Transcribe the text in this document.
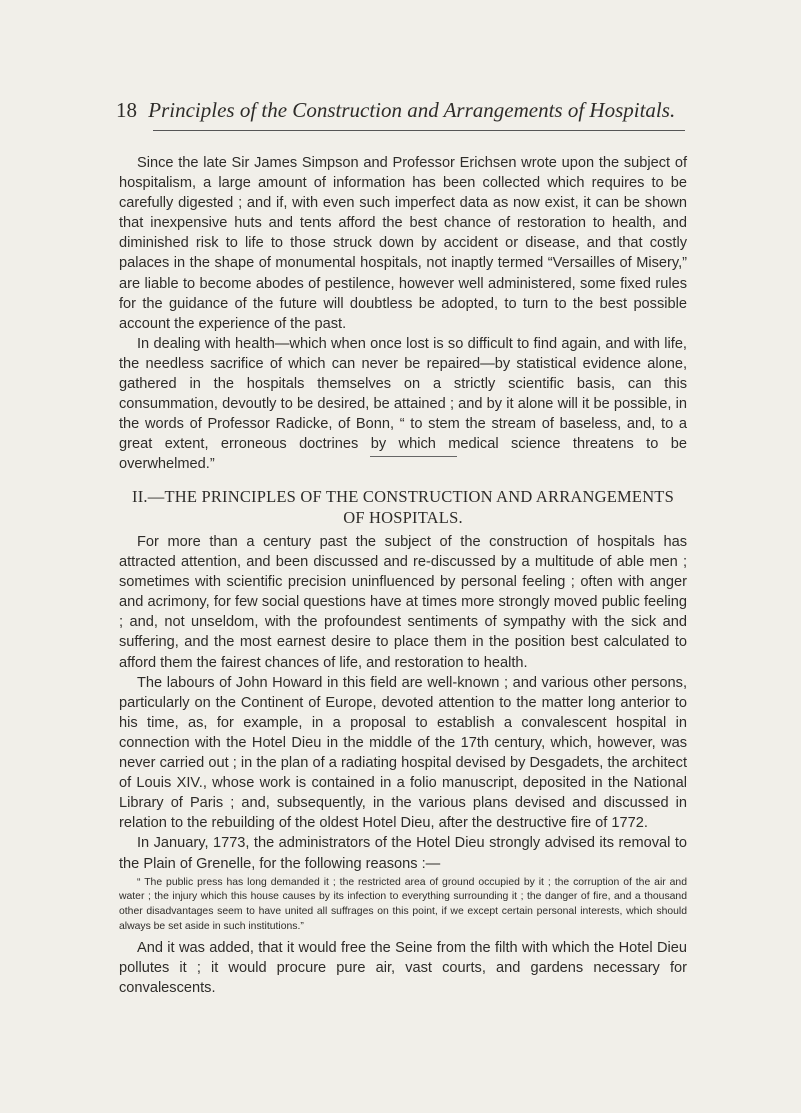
18 Principles of the Construction and Arrangements of Hospitals.

Since the late Sir James Simpson and Professor Erichsen wrote upon the subject of hospitalism, a large amount of information has been collected which requires to be carefully digested ; and if, with even such imperfect data as now exist, it can be shown that inexpensive huts and tents afford the best chance of restoration to health, and diminished risk to life to those struck down by accident or disease, and that costly palaces in the shape of monumental hospitals, not inaptly termed “Versailles of Misery,” are liable to become abodes of pestilence, however well administered, some fixed rules for the guidance of the future will doubtless be adopted, to turn to the best possible account the experience of the past.

In dealing with health—which when once lost is so difficult to find again, and with life, the needless sacrifice of which can never be repaired—by statistical evidence alone, gathered in the hospitals themselves on a strictly scientific basis, can this consummation, devoutly to be desired, be attained ; and by it alone will it be possible, in the words of Professor Radicke, of Bonn, “ to stem the stream of baseless, and, to a great extent, erroneous doctrines by which medical science threatens to be overwhelmed.”

II.—THE PRINCIPLES OF THE CONSTRUCTION AND ARRANGEMENTS
OF HOSPITALS.

For more than a century past the subject of the construction of hospitals has attracted attention, and been discussed and re-discussed by a multitude of able men ; sometimes with scientific precision uninfluenced by personal feeling ; often with anger and acrimony, for few social questions have at times more strongly moved public feeling ; and, not unseldom, with the profoundest sentiments of sympathy with the sick and suffering, and the most earnest desire to place them in the position best calculated to afford them the fairest chances of life, and restoration to health.

The labours of John Howard in this field are well-known ; and various other persons, particularly on the Continent of Europe, devoted attention to the matter long anterior to his time, as, for example, in a proposal to establish a convalescent hospital in connection with the Hotel Dieu in the middle of the 17th century, which, however, was never carried out ; in the plan of a radiating hospital devised by Desgadets, the architect of Louis XIV., whose work is contained in a folio manuscript, deposited in the National Library of Paris ; and, subsequently, in the various plans devised and discussed in relation to the rebuilding of the oldest Hotel Dieu, after the destructive fire of 1772.

In January, 1773, the administrators of the Hotel Dieu strongly advised its removal to the Plain of Grenelle, for the following reasons :—

“ The public press has long demanded it ; the restricted area of ground occupied by it ; the corruption of the air and water ; the injury which this house causes by its infection to everything surrounding it ; the danger of fire, and a thousand other disadvantages seem to have united all suffrages on this point, if we except certain personal interests, which should always be set aside in such institutions.”

And it was added, that it would free the Seine from the filth with which the Hotel Dieu pollutes it ; it would procure pure air, vast courts, and gardens necessary for convalescents.
